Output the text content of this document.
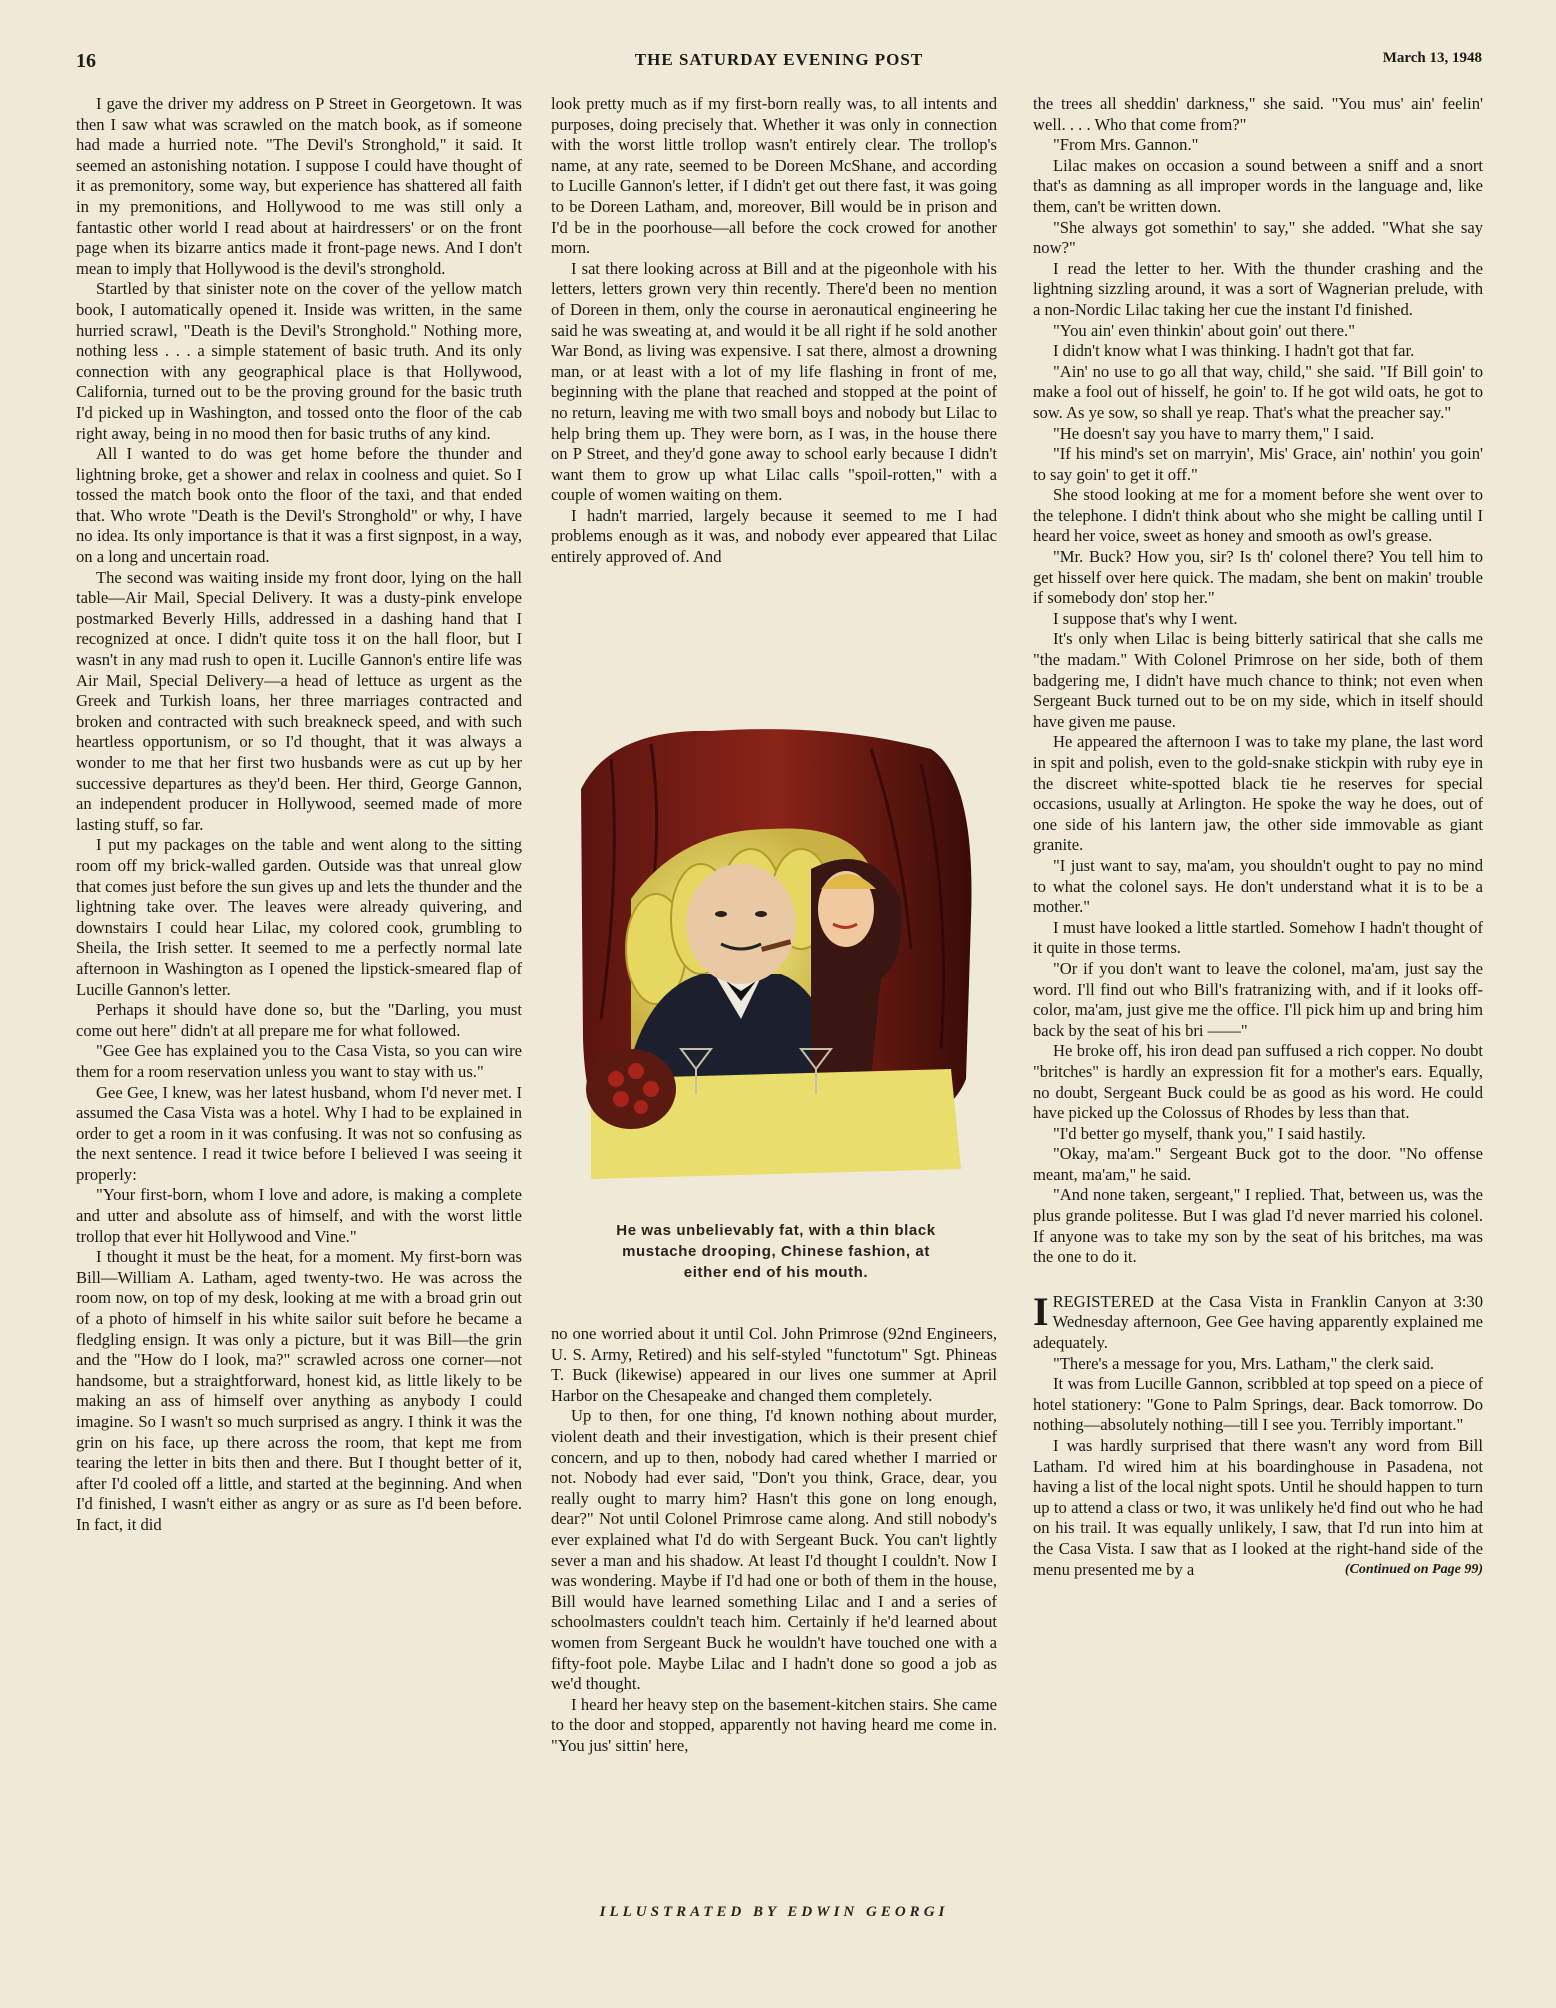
16	THE SATURDAY EVENING POST	March 13, 1948

I gave the driver my address on P Street in Georgetown. It was then I saw what was scrawled on the match book, as if someone had made a hurried note. "The Devil's Stronghold," it said. It seemed an astonishing notation. I suppose I could have thought of it as premonitory, some way, but experience has shattered all faith in my premonitions, and Hollywood to me was still only a fantastic other world I read about at hairdressers' or on the front page when its bizarre antics made it front-page news. And I don't mean to imply that Hollywood is the devil's stronghold.

Startled by that sinister note on the cover of the yellow match book, I automatically opened it. Inside was written, in the same hurried scrawl, "Death is the Devil's Stronghold." Nothing more, nothing less . . . a simple statement of basic truth. And its only connection with any geographical place is that Hollywood, California, turned out to be the proving ground for the basic truth I'd picked up in Washington, and tossed onto the floor of the cab right away, being in no mood then for basic truths of any kind.

All I wanted to do was get home before the thunder and lightning broke, get a shower and relax in coolness and quiet. So I tossed the match book onto the floor of the taxi, and that ended that. Who wrote "Death is the Devil's Stronghold" or why, I have no idea. Its only importance is that it was a first signpost, in a way, on a long and uncertain road.

The second was waiting inside my front door, lying on the hall table—Air Mail, Special Delivery. It was a dusty-pink envelope postmarked Beverly Hills, addressed in a dashing hand that I recognized at once. I didn't quite toss it on the hall floor, but I wasn't in any mad rush to open it. Lucille Gannon's entire life was Air Mail, Special Delivery—a head of lettuce as urgent as the Greek and Turkish loans, her three marriages contracted and broken and contracted with such breakneck speed, and with such heartless opportunism, or so I'd thought, that it was always a wonder to me that her first two husbands were as cut up by her successive departures as they'd been. Her third, George Gannon, an independent producer in Hollywood, seemed made of more lasting stuff, so far.

I put my packages on the table and went along to the sitting room off my brick-walled garden. Outside was that unreal glow that comes just before the sun gives up and lets the thunder and the lightning take over. The leaves were already quivering, and downstairs I could hear Lilac, my colored cook, grumbling to Sheila, the Irish setter. It seemed to me a perfectly normal late afternoon in Washington as I opened the lipstick-smeared flap of Lucille Gannon's letter.

Perhaps it should have done so, but the "Darling, you must come out here" didn't at all prepare me for what followed.

"Gee Gee has explained you to the Casa Vista, so you can wire them for a room reservation unless you want to stay with us."

Gee Gee, I knew, was her latest husband, whom I'd never met. I assumed the Casa Vista was a hotel. Why I had to be explained in order to get a room in it was confusing. It was not so confusing as the next sentence. I read it twice before I believed I was seeing it properly:

"Your first-born, whom I love and adore, is making a complete and utter and absolute ass of himself, and with the worst little trollop that ever hit Hollywood and Vine."

I thought it must be the heat, for a moment. My first-born was Bill—William A. Latham, aged twenty-two. He was across the room now, on top of my desk, looking at me with a broad grin out of a photo of himself in his white sailor suit before he became a fledgling ensign. It was only a picture, but it was Bill—the grin and the "How do I look, ma?" scrawled across one corner—not handsome, but a straightforward, honest kid, as little likely to be making an ass of himself over anything as anybody I could imagine. So I wasn't so much surprised as angry. I think it was the grin on his face, up there across the room, that kept me from tearing the letter in bits then and there. But I thought better of it, after I'd cooled off a little, and started at the beginning. And when I'd finished, I wasn't either as angry or as sure as I'd been before. In fact, it did

look pretty much as if my first-born really was, to all intents and purposes, doing precisely that. Whether it was only in connection with the worst little trollop wasn't entirely clear. The trollop's name, at any rate, seemed to be Doreen McShane, and according to Lucille Gannon's letter, if I didn't get out there fast, it was going to be Doreen Latham, and, moreover, Bill would be in prison and I'd be in the poorhouse—all before the cock crowed for another morn.

I sat there looking across at Bill and at the pigeonhole with his letters, letters grown very thin recently. There'd been no mention of Doreen in them, only the course in aeronautical engineering he said he was sweating at, and would it be all right if he sold another War Bond, as living was expensive. I sat there, almost a drowning man, or at least with a lot of my life flashing in front of me, beginning with the plane that reached and stopped at the point of no return, leaving me with two small boys and nobody but Lilac to help bring them up. They were born, as I was, in the house there on P Street, and they'd gone away to school early because I didn't want them to grow up what Lilac calls "spoil-rotten," with a couple of women waiting on them.

I hadn't married, largely because it seemed to me I had problems enough as it was, and nobody ever appeared that Lilac entirely approved of. And

He was unbelievably fat, with a thin black mustache drooping, Chinese fashion, at either end of his mouth.

no one worried about it until Col. John Primrose (92nd Engineers, U. S. Army, Retired) and his self-styled "functotum" Sgt. Phineas T. Buck (likewise) appeared in our lives one summer at April Harbor on the Chesapeake and changed them completely.

Up to then, for one thing, I'd known nothing about murder, violent death and their investigation, which is their present chief concern, and up to then, nobody had cared whether I married or not. Nobody had ever said, "Don't you think, Grace, dear, you really ought to marry him? Hasn't this gone on long enough, dear?" Not until Colonel Primrose came along. And still nobody's ever explained what I'd do with Sergeant Buck. You can't lightly sever a man and his shadow. At least I'd thought I couldn't. Now I was wondering. Maybe if I'd had one or both of them in the house, Bill would have learned something Lilac and I and a series of schoolmasters couldn't teach him. Certainly if he'd learned about women from Sergeant Buck he wouldn't have touched one with a fifty-foot pole. Maybe Lilac and I hadn't done so good a job as we'd thought.

I heard her heavy step on the basement-kitchen stairs. She came to the door and stopped, apparently not having heard me come in. "You jus' sittin' here,

ILLUSTRATED BY EDWIN GEORGI

the trees all sheddin' darkness," she said. "You mus' ain' feelin' well. . . . Who that come from?"

"From Mrs. Gannon."

Lilac makes on occasion a sound between a sniff and a snort that's as damning as all improper words in the language and, like them, can't be written down.

"She always got somethin' to say," she added. "What she say now?"

I read the letter to her. With the thunder crashing and the lightning sizzling around, it was a sort of Wagnerian prelude, with a non-Nordic Lilac taking her cue the instant I'd finished.

"You ain' even thinkin' about goin' out there."

I didn't know what I was thinking. I hadn't got that far.

"Ain' no use to go all that way, child," she said. "If Bill goin' to make a fool out of hisself, he goin' to. If he got wild oats, he got to sow. As ye sow, so shall ye reap. That's what the preacher say."

"He doesn't say you have to marry them," I said.

"If his mind's set on marryin', Mis' Grace, ain' nothin' you goin' to say goin' to get it off."

She stood looking at me for a moment before she went over to the telephone. I didn't think about who she might be calling until I heard her voice, sweet as honey and smooth as owl's grease.

"Mr. Buck? How you, sir? Is th' colonel there? You tell him to get hisself over here quick. The madam, she bent on makin' trouble if somebody don' stop her."

I suppose that's why I went.

It's only when Lilac is being bitterly satirical that she calls me "the madam." With Colonel Primrose on her side, both of them badgering me, I didn't have much chance to think; not even when Sergeant Buck turned out to be on my side, which in itself should have given me pause.

He appeared the afternoon I was to take my plane, the last word in spit and polish, even to the gold-snake stickpin with ruby eye in the discreet white-spotted black tie he reserves for special occasions, usually at Arlington. He spoke the way he does, out of one side of his lantern jaw, the other side immovable as giant granite.

"I just want to say, ma'am, you shouldn't ought to pay no mind to what the colonel says. He don't understand what it is to be a mother."

I must have looked a little startled. Somehow I hadn't thought of it quite in those terms.

"Or if you don't want to leave the colonel, ma'am, just say the word. I'll find out who Bill's fratranizing with, and if it looks off-color, ma'am, just give me the office. I'll pick him up and bring him back by the seat of his bri ——"

He broke off, his iron dead pan suffused a rich copper. No doubt "britches" is hardly an expression fit for a mother's ears. Equally, no doubt, Sergeant Buck could be as good as his word. He could have picked up the Colossus of Rhodes by less than that.

"I'd better go myself, thank you," I said hastily.

"Okay, ma'am." Sergeant Buck got to the door. "No offense meant, ma'am," he said.

"And none taken, sergeant," I replied. That, between us, was the plus grande politesse. But I was glad I'd never married his colonel. If anyone was to take my son by the seat of his britches, ma was the one to do it.

IREGISTERED at the Casa Vista in Franklin Canyon at 3:30 Wednesday afternoon, Gee Gee having apparently explained me adequately.

"There's a message for you, Mrs. Latham," the clerk said.

It was from Lucille Gannon, scribbled at top speed on a piece of hotel stationery: "Gone to Palm Springs, dear. Back tomorrow. Do nothing—absolutely nothing—till I see you. Terribly important."

I was hardly surprised that there wasn't any word from Bill Latham. I'd wired him at his boardinghouse in Pasadena, not having a list of the local night spots. Until he should happen to turn up to attend a class or two, it was unlikely he'd find out who he had on his trail. It was equally unlikely, I saw, that I'd run into him at the Casa Vista. I saw that as I looked at the right-hand side of the menu presented me by a	(Continued on Page 99)
